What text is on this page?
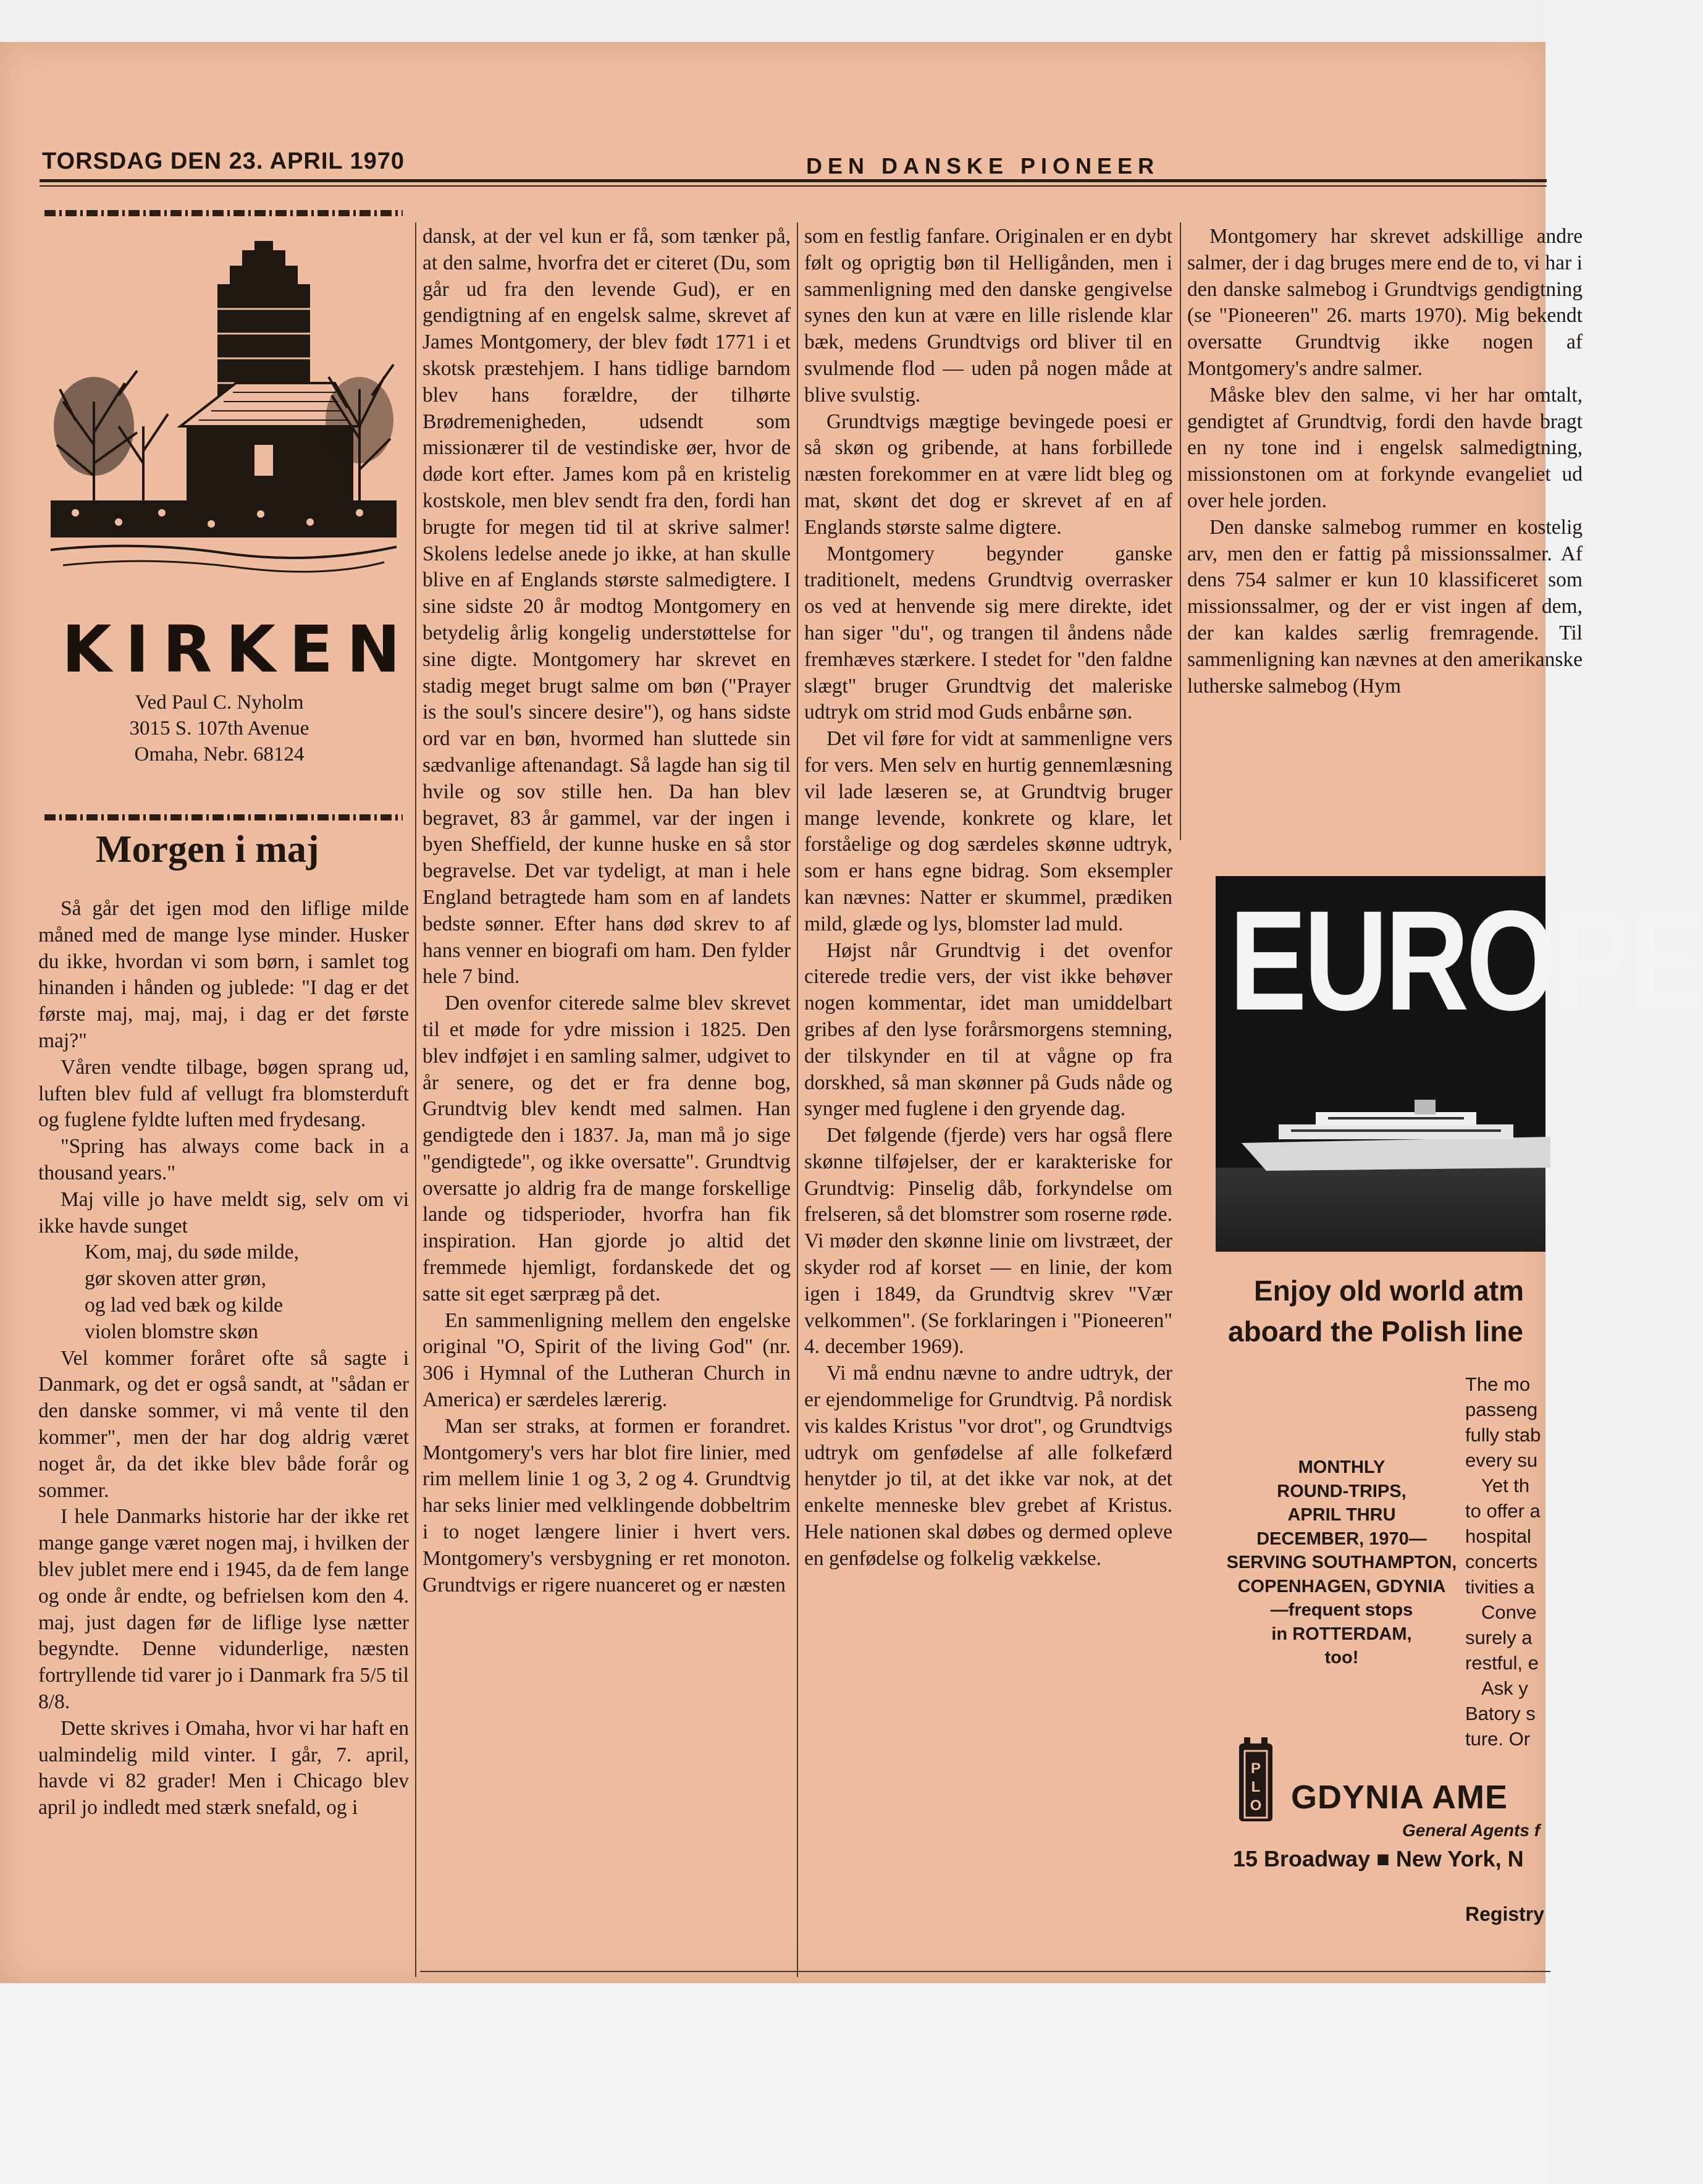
TORSDAG DEN 23. APRIL 1970	DEN DANSKE PIONEER
KIRKEN
Ved Paul C. Nyholm
3015 S. 107th Avenue
Omaha, Nebr. 68124
Morgen i maj

Så går det igen mod den liflige milde måned med de mange lyse minder. Husker du ikke, hvordan vi som børn, i samlet tog hinanden i hånden og jublede: "I dag er det første maj, maj, maj, i dag er det første maj?"

Våren vendte tilbage, bøgen sprang ud, luften blev fuld af vellugt fra blomsterduft og fuglene fyldte luften med frydesang.

"Spring has always come back in a thousand years."

Maj ville jo have meldt sig, selv om vi ikke havde sunget

Kom, maj, du søde milde,
gør skoven atter grøn,
og lad ved bæk og kilde
violen blomstre skøn

Vel kommer foråret ofte så sagte i Danmark, og det er også sandt, at "sådan er den danske sommer, vi må vente til den kommer", men der har dog aldrig været noget år, da det ikke blev både forår og sommer.

I hele Danmarks historie har der ikke ret mange gange været nogen maj, i hvilken der blev jublet mere end i 1945, da de fem lange og onde år endte, og befrielsen kom den 4. maj, just dagen før de liflige lyse nætter begyndte. Denne vidunderlige, næsten fortryllende tid varer jo i Danmark fra 5/5 til 8/8.

Dette skrives i Omaha, hvor vi har haft en ualmindelig mild vinter. I går, 7. april, havde vi 82 grader! Men i Chicago blev april jo indledt med stærk snefald, og i

dansk, at der vel kun er få, som tænker på, at den salme, hvorfra det er citeret (Du, som går ud fra den levende Gud), er en gendigtning af en engelsk salme, skrevet af James Montgomery, der blev født 1771 i et skotsk præstehjem. I hans tidlige barndom blev hans forældre, der tilhørte Brødremenigheden, udsendt som missionærer til de vestindiske øer, hvor de døde kort efter. James kom på en kristelig kostskole, men blev sendt fra den, fordi han brugte for megen tid til at skrive salmer! Skolens ledelse anede jo ikke, at han skulle blive en af Englands største salmedigtere. I sine sidste 20 år modtog Montgomery en betydelig årlig kongelig understøttelse for sine digte. Montgomery har skrevet en stadig meget brugt salme om bøn ("Prayer is the soul's sincere desire"), og hans sidste ord var en bøn, hvormed han sluttede sin sædvanlige aftenandagt. Så lagde han sig til hvile og sov stille hen. Da han blev begravet, 83 år gammel, var der ingen i byen Sheffield, der kunne huske en så stor begravelse. Det var tydeligt, at man i hele England betragtede ham som en af landets bedste sønner. Efter hans død skrev to af hans venner en biografi om ham. Den fylder hele 7 bind.

Den ovenfor citerede salme blev skrevet til et møde for ydre mission i 1825. Den blev indføjet i en samling salmer, udgivet to år senere, og det er fra denne bog, Grundtvig blev kendt med salmen. Han gendigtede den i 1837. Ja, man må jo sige "gendigtede", og ikke oversatte". Grundtvig oversatte jo aldrig fra de mange forskellige lande og tidsperioder, hvorfra han fik inspiration. Han gjorde jo altid det fremmede hjemligt, fordanskede det og satte sit eget særpræg på det.

En sammenligning mellem den engelske original "O, Spirit of the living God" (nr. 306 i Hymnal of the Lutheran Church in America) er særdeles lærerig.

Man ser straks, at formen er forandret. Montgomery's vers har blot fire linier, med rim mellem linie 1 og 3, 2 og 4. Grundtvig har seks linier med velklingende dobbeltrim i to noget længere linier i hvert vers. Montgomery's versbygning er ret monoton. Grundtvigs er rigere nuanceret og er næsten

som en festlig fanfare. Originalen er en dybt følt og oprigtig bøn til Helligånden, men i sammenligning med den danske gengivelse synes den kun at være en lille rislende klar bæk, medens Grundtvigs ord bliver til en svulmende flod — uden på nogen måde at blive svulstig.

Grundtvigs mægtige bevingede poesi er så skøn og gribende, at hans forbillede næsten forekommer en at være lidt bleg og mat, skønt det dog er skrevet af en af Englands største salme digtere.

Montgomery begynder ganske traditionelt, medens Grundtvig overrasker os ved at henvende sig mere direkte, idet han siger "du", og trangen til åndens nåde fremhæves stærkere. I stedet for "den faldne slægt" bruger Grundtvig det maleriske udtryk om strid mod Guds enbårne søn.

Det vil føre for vidt at sammenligne vers for vers. Men selv en hurtig gennemlæsning vil lade læseren se, at Grundtvig bruger mange levende, konkrete og klare, let forståelige og dog særdeles skønne udtryk, som er hans egne bidrag. Som eksempler kan nævnes: Natter er skummel, prædiken mild, glæde og lys, blomster lad muld.

Højst når Grundtvig i det ovenfor citerede tredie vers, der vist ikke behøver nogen kommentar, idet man umiddelbart gribes af den lyse forårsmorgens stemning, der tilskynder en til at vågne op fra dorskhed, så man skønner på Guds nåde og synger med fuglene i den gryende dag.

Det følgende (fjerde) vers har også flere skønne tilføjelser, der er karakteriske for Grundtvig: Pinselig dåb, forkyndelse om frelseren, så det blomstrer som roserne røde. Vi møder den skønne linie om livstræet, der skyder rod af korset — en linie, der kom igen i 1849, da Grundtvig skrev "Vær velkommen". (Se forklaringen i "Pioneeren" 4. december 1969).

Vi må endnu nævne to andre udtryk, der er ejendommelige for Grundtvig. På nordisk vis kaldes Kristus "vor drot", og Grundtvigs udtryk om genfødelse af alle folkefærd henytder jo til, at det ikke var nok, at det enkelte menneske blev grebet af Kristus. Hele nationen skal døbes og dermed opleve en genfødelse og folkelig vækkelse.

Montgomery har skrevet adskillige andre salmer, der i dag bruges mere end de to, vi har i den danske salmebog i Grundtvigs gendigtning (se "Pioneeren" 26. marts 1970). Mig bekendt oversatte Grundtvig ikke nogen af Montgomery's andre salmer.

Måske blev den salme, vi her har omtalt, gendigtet af Grundtvig, fordi den havde bragt en ny tone ind i engelsk salmedigtning, missionstonen om at forkynde evangeliet ud over hele jorden.

Den danske salmebog rummer en kostelig arv, men den er fattig på missionssalmer. Af dens 754 salmer er kun 10 klassificeret som missionssalmer, og der er vist ingen af dem, der kan kaldes særlig fremragende. Til sammenligning kan nævnes at den amerikanske lutherske salmebog (Hym

EUROPE
Enjoy old world atm
aboard the Polish line
The mo
passeng
fully stab
every su
Yet th
to offer a
hospital
concerts
tivities a
Conve
surely a
restful, e
Ask y
Batory s
ture. Or
MONTHLY
ROUND-TRIPS,
APRIL THRU
DECEMBER, 1970—
SERVING SOUTHAMPTON,
COPENHAGEN, GDYNIA
—frequent stops
in ROTTERDAM,
too!
P
L
O GDYNIA AME
General Agents f
15 Broadway ■ New York, N
Registry
